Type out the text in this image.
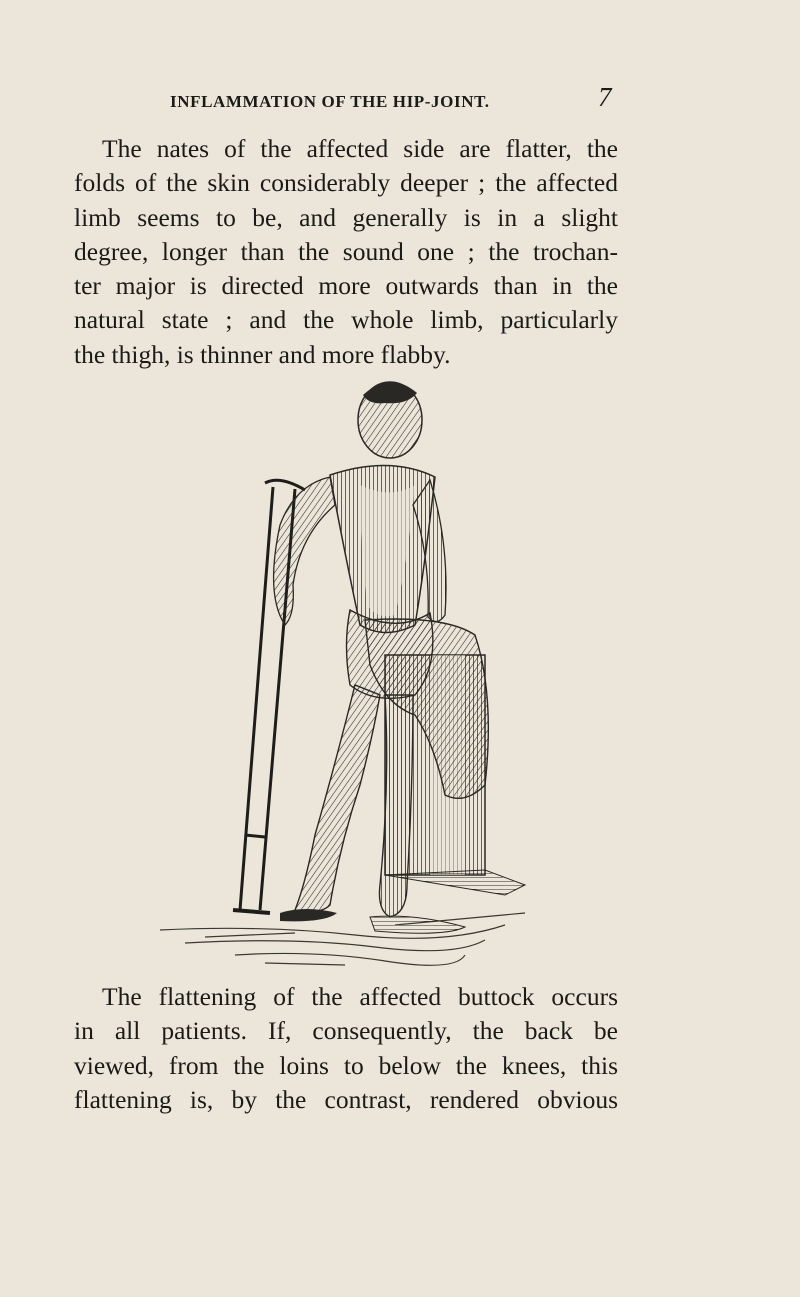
INFLAMMATION OF THE HIP-JOINT.	7
The nates of the affected side are flatter, the
folds of the skin considerably deeper ; the affected
limb seems to be, and generally is in a slight
degree, longer than the sound one ; the trochan-
ter major is directed more outwards than in the
natural state ; and the whole limb, particularly
the thigh, is thinner and more flabby.
The flattening of the affected buttock occurs
in all patients. If, consequently, the back be
viewed, from the loins to below the knees, this
flattening is, by the contrast, rendered obvious
